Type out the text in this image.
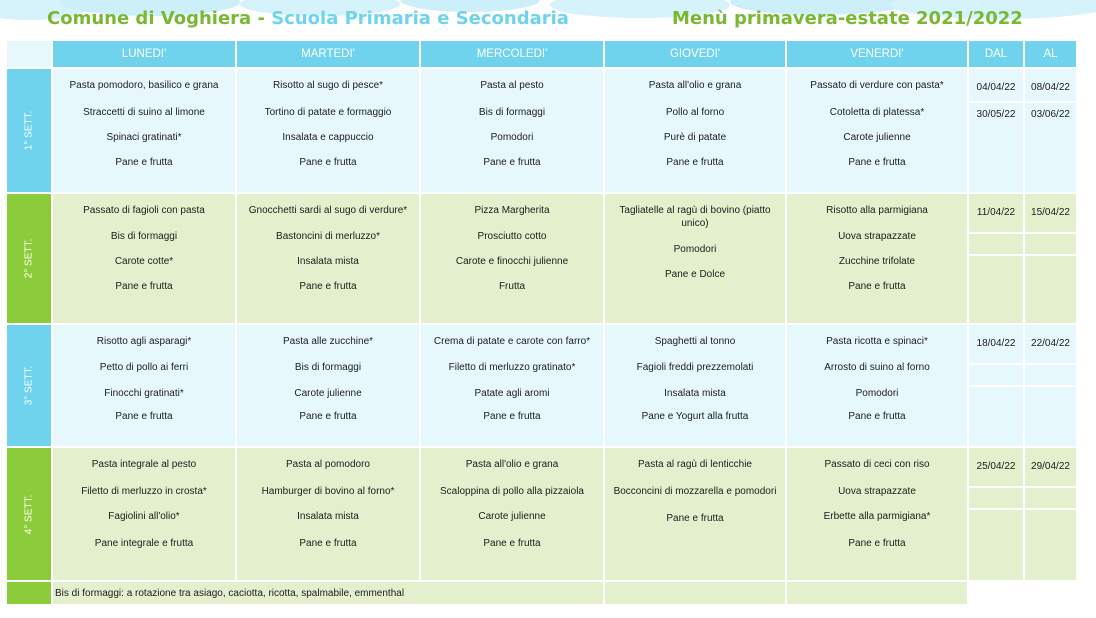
Comune di Voghiera - Scuola Primaria e Secondaria	Menù primavera-estate 2021/2022
	LUNEDI'	MARTEDI'	MERCOLEDI'	GIOVEDI'	VENERDI'	DAL	AL
1° SETT.	Pasta pomodoro, basilico e grana
Straccetti di suino al limone
Spinaci gratinati*
Pane e frutta	Risotto al sugo di pesce*
Tortino di patate e formaggio
Insalata e cappuccio
Pane e frutta	Pasta al pesto
Bis di formaggi
Pomodori
Pane e frutta	Pasta all'olio e grana
Pollo al forno
Purè di patate
Pane e frutta	Passato di verdure con pasta*
Cotoletta di platessa*
Carote julienne
Pane e frutta	04/04/22	08/04/22
						30/05/22	03/06/22
2° SETT.	Passato di fagioli con pasta
Bis di formaggi
Carote cotte*
Pane e frutta	Gnocchetti sardi al sugo di verdure*
Bastoncini di merluzzo*
Insalata mista
Pane e frutta	Pizza Margherita
Prosciutto cotto
Carote e finocchi julienne
Frutta	Tagliatelle al ragù di bovino (piatto unico)
Pomodori
Pane e Dolce	Risotto alla parmigiana
Uova strapazzate
Zucchine trifolate
Pane e frutta	11/04/22	15/04/22

3° SETT.	Risotto agli asparagi*
Petto di pollo ai ferri
Finocchi gratinati*
Pane e frutta	Pasta alle zucchine*
Bis di formaggi
Carote julienne
Pane e frutta	Crema di patate e carote con farro*
Filetto di merluzzo gratinato*
Patate agli aromi
Pane e frutta	Spaghetti al tonno
Fagioli freddi prezzemolati
Insalata mista
Pane e Yogurt alla frutta	Pasta ricotta e spinaci*
Arrosto di suino al forno
Pomodori
Pane e frutta	18/04/22	22/04/22

4° SETT.	Pasta integrale al pesto
Filetto di merluzzo in crosta*
Fagiolini all'olio*
Pane integrale e frutta	Pasta al pomodoro
Hamburger di bovino al forno*
Insalata mista
Pane e frutta	Pasta all'olio e grana
Scaloppina di pollo alla pizzaiola
Carote julienne
Pane e frutta	Pasta al ragù di lenticchie
Bocconcini di mozzarella e pomodori
Pane e frutta	Passato di ceci con riso
Uova strapazzate
Erbette alla parmigiana*
Pane e frutta	25/04/22	29/04/22

	Bis di formaggi: a rotazione tra asiago, caciotta, ricotta, spalmabile, emmenthal						
